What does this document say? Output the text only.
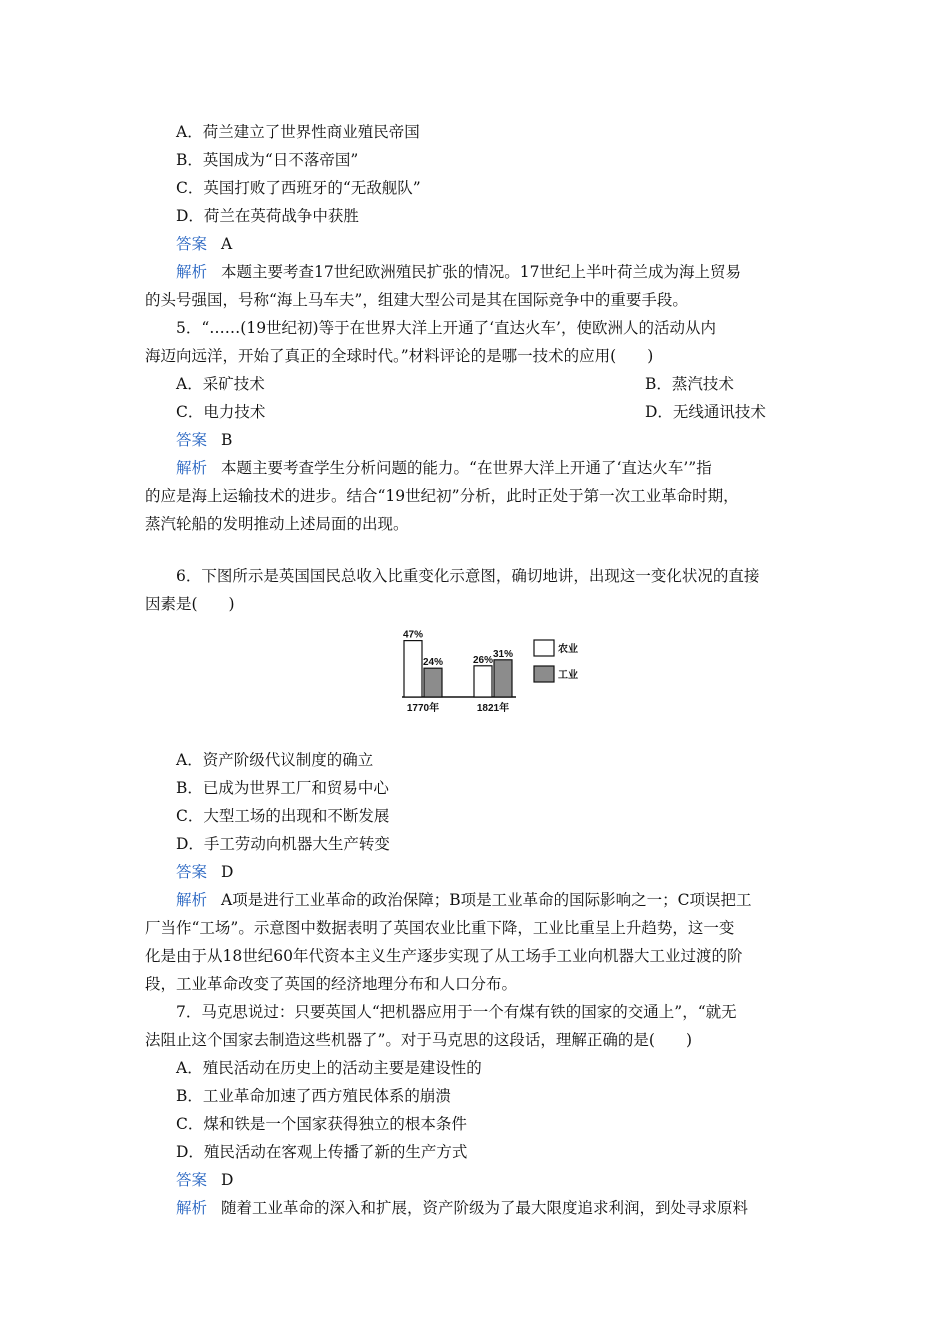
A．荷兰建立了世界性商业殖民帝国
B．英国成为“日不落帝国”
C．英国打败了西班牙的“无敌舰队”
D．荷兰在英荷战争中获胜
答案 A
解析 本题主要考查17世纪欧洲殖民扩张的情况。17世纪上半叶荷兰成为海上贸易
的头号强国，号称“海上马车夫”，组建大型公司是其在国际竞争中的重要手段。
5．“……(19世纪初)等于在世界大洋上开通了‘直达火车’，使欧洲人的活动从内
海迈向远洋，开始了真正的全球时代。”材料评论的是哪一技术的应用(　　)
A．采矿技术	B．蒸汽技术
C．电力技术	D．无线通讯技术
答案 B
解析 本题主要考查学生分析问题的能力。“在世界大洋上开通了‘直达火车’”指
的应是海上运输技术的进步。结合“19世纪初”分析，此时正处于第一次工业革命时期，
蒸汽轮船的发明推动上述局面的出现。
6．下图所示是英国国民总收入比重变化示意图，确切地讲，出现这一变化状况的直接
因素是(　　)
47%
24%
1770年
26%
31%
1821年
农业
工业
A．资产阶级代议制度的确立
B．已成为世界工厂和贸易中心
C．大型工场的出现和不断发展
D．手工劳动向机器大生产转变
答案 D
解析 A项是进行工业革命的政治保障；B项是工业革命的国际影响之一；C项误把工
厂当作“工场”。示意图中数据表明了英国农业比重下降，工业比重呈上升趋势，这一变
化是由于从18世纪60年代资本主义生产逐步实现了从工场手工业向机器大工业过渡的阶
段，工业革命改变了英国的经济地理分布和人口分布。
7．马克思说过：只要英国人“把机器应用于一个有煤有铁的国家的交通上”，“就无
法阻止这个国家去制造这些机器了”。对于马克思的这段话，理解正确的是(　　)
A．殖民活动在历史上的活动主要是建设性的
B．工业革命加速了西方殖民体系的崩溃
C．煤和铁是一个国家获得独立的根本条件
D．殖民活动在客观上传播了新的生产方式
答案 D
解析 随着工业革命的深入和扩展，资产阶级为了最大限度追求利润，到处寻求原料
